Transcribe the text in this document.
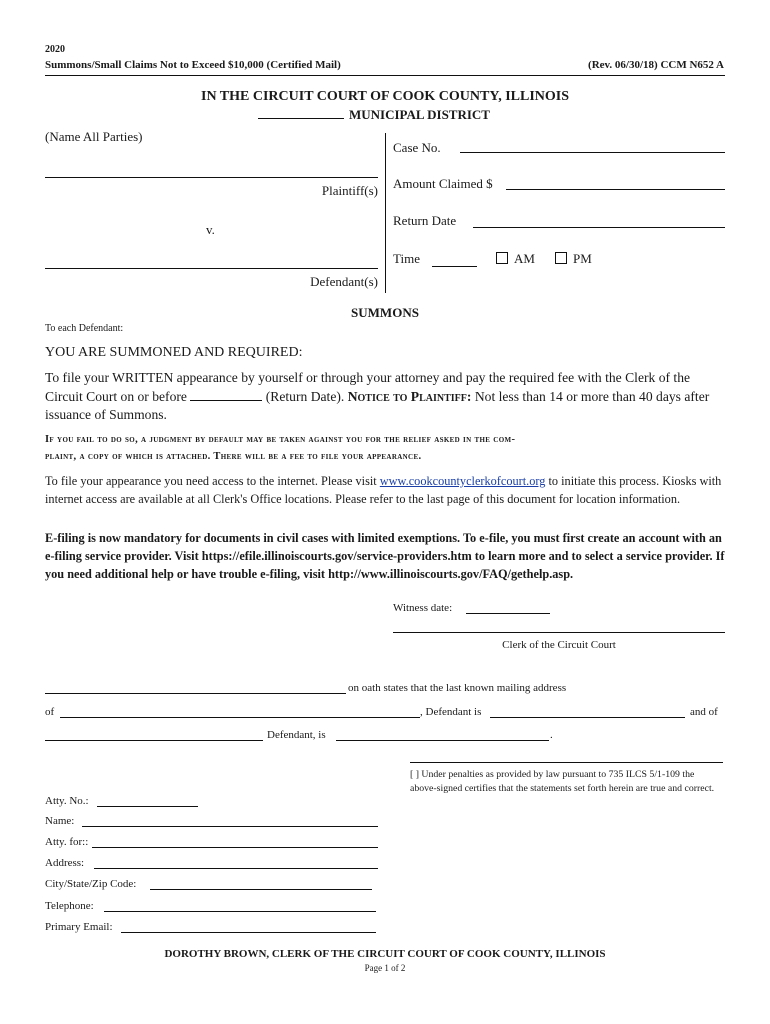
2020
Summons/Small Claims Not to Exceed $10,000 (Certified Mail)	(Rev. 06/30/18) CCM N652 A
IN THE CIRCUIT COURT OF COOK COUNTY, ILLINOIS
MUNICIPAL DISTRICT
(Name All Parties)
Plaintiff(s)
v.
Defendant(s)
Case No.
Amount Claimed $
Return Date
Time	AM	PM
SUMMONS
To each Defendant:
YOU ARE SUMMONED AND REQUIRED:
To file your WRITTEN appearance by yourself or through your attorney and pay the required fee with the Clerk of the Circuit Court on or before	(Return Date). Notice to Plaintiff: Not less than 14 or more than 40 days after issuance of Summons.
If you fail to do so, a judgment by default may be taken against you for the relief asked in the com-
plaint, a copy of which is attached. There will be a fee to file your appearance.
To file your appearance you need access to the internet. Please visit www.cookcountyclerkofcourt.org to initiate this process. Kiosks with internet access are available at all Clerk's Office locations. Please refer to the last page of this document for location information.
E-filing is now mandatory for documents in civil cases with limited exemptions. To e-file, you must first create an account with an e-filing service provider. Visit https://efile.illinoiscourts.gov/service-providers.htm to learn more and to select a service provider. If you need additional help or have trouble e-filing, visit http://www.illinoiscourts.gov/FAQ/gethelp.asp.
Witness date:
Clerk of the Circuit Court
on oath states that the last known mailing address
of	, Defendant is	and of
Defendant, is	.
[ ] Under penalties as provided by law pursuant to 735 ILCS 5/1-109 the above-signed certifies that the statements set forth herein are true and correct.
Atty. No.:
Name:
Atty. for::
Address:
City/State/Zip Code:
Telephone:
Primary Email:
DOROTHY BROWN, CLERK OF THE CIRCUIT COURT OF COOK COUNTY, ILLINOIS
Page 1 of 2
